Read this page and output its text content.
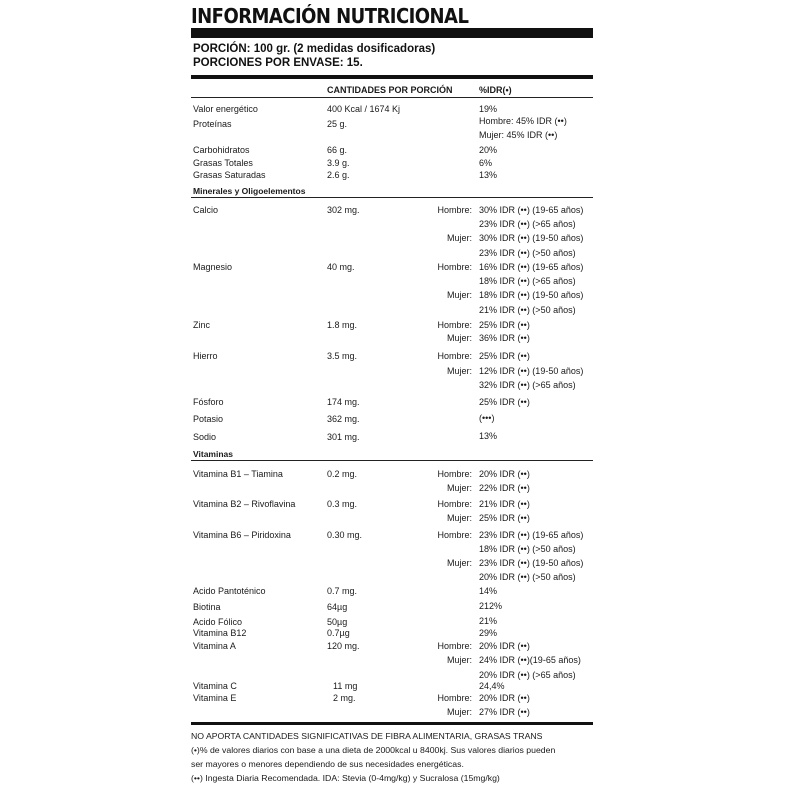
INFORMACIÓN NUTRICIONAL
PORCIÓN: 100 gr. (2 medidas dosificadoras)
PORCIONES POR ENVASE: 15.
CANTIDADES POR PORCIÓN	%IDR(•)
Valor energético	400 Kcal / 1674 Kj	19%
Proteínas	25 g.	Hombre: 45% IDR (••)
Mujer: 45% IDR (••)
Carbohidratos	66 g.	20%
Grasas Totales	3.9 g.	6%
Grasas Saturadas	2.6 g.	13%
Calcio	302 mg.	Hombre: 30% IDR (••) (19-65 años)
23% IDR (••) (>65 años)
Mujer: 30% IDR (••) (19-50 años)
23% IDR (••) (>50 años)
Magnesio	40 mg.	Hombre: 16% IDR (••) (19-65 años)
18% IDR (••) (>65 años)
Mujer: 18% IDR (••) (19-50 años)
21% IDR (••) (>50 años)
Zinc	1.8 mg.	Hombre: 25% IDR (••)
Mujer: 36% IDR (••)
Hierro	3.5 mg.	Hombre: 25% IDR (••)
Mujer: 12% IDR (••) (19-50 años)
32% IDR (••) (>65 años)
Fósforo	174 mg.	25% IDR (••)
Potasio	362 mg.	(•••)
Sodio	301 mg.	13%
Vitamina B1 – Tiamina	0.2 mg.	Hombre: 20% IDR (••)
Mujer: 22% IDR (••)
Vitamina B2 – Rivoflavina	0.3 mg.	Hombre: 21% IDR (••)
Mujer: 25% IDR (••)
Vitamina B6 – Piridoxina	0.30 mg.	Hombre: 23% IDR (••) (19-65 años)
18% IDR (••) (>50 años)
Mujer: 23% IDR (••) (19-50 años)
20% IDR (••) (>50 años)
Acido Pantoténico	0.7 mg.	14%
Biotina	64µg	212%
Acido Fólico	50µg	21%
Vitamina B12	0.7µg	29%
Vitamina A	120 mg.	Hombre: 20% IDR (••)
Mujer: 24% IDR (••)(19-65 años)
20% IDR (••) (>65 años)
Vitamina C	11 mg	24,4%
Vitamina E	2 mg.	Hombre: 20% IDR (••)
Mujer: 27% IDR (••)
Minerales y Oligoelementos
Vitaminas
NO APORTA CANTIDADES SIGNIFICATIVAS DE FIBRA ALIMENTARIA, GRASAS TRANS
(•)% de valores diarios con base a una dieta de 2000kcal u 8400kj. Sus valores diarios pueden
ser mayores o menores dependiendo de sus necesidades energéticas.
(••) Ingesta Diaria Recomendada. IDA: Stevia (0-4mg/kg) y Sucralosa (15mg/kg)
